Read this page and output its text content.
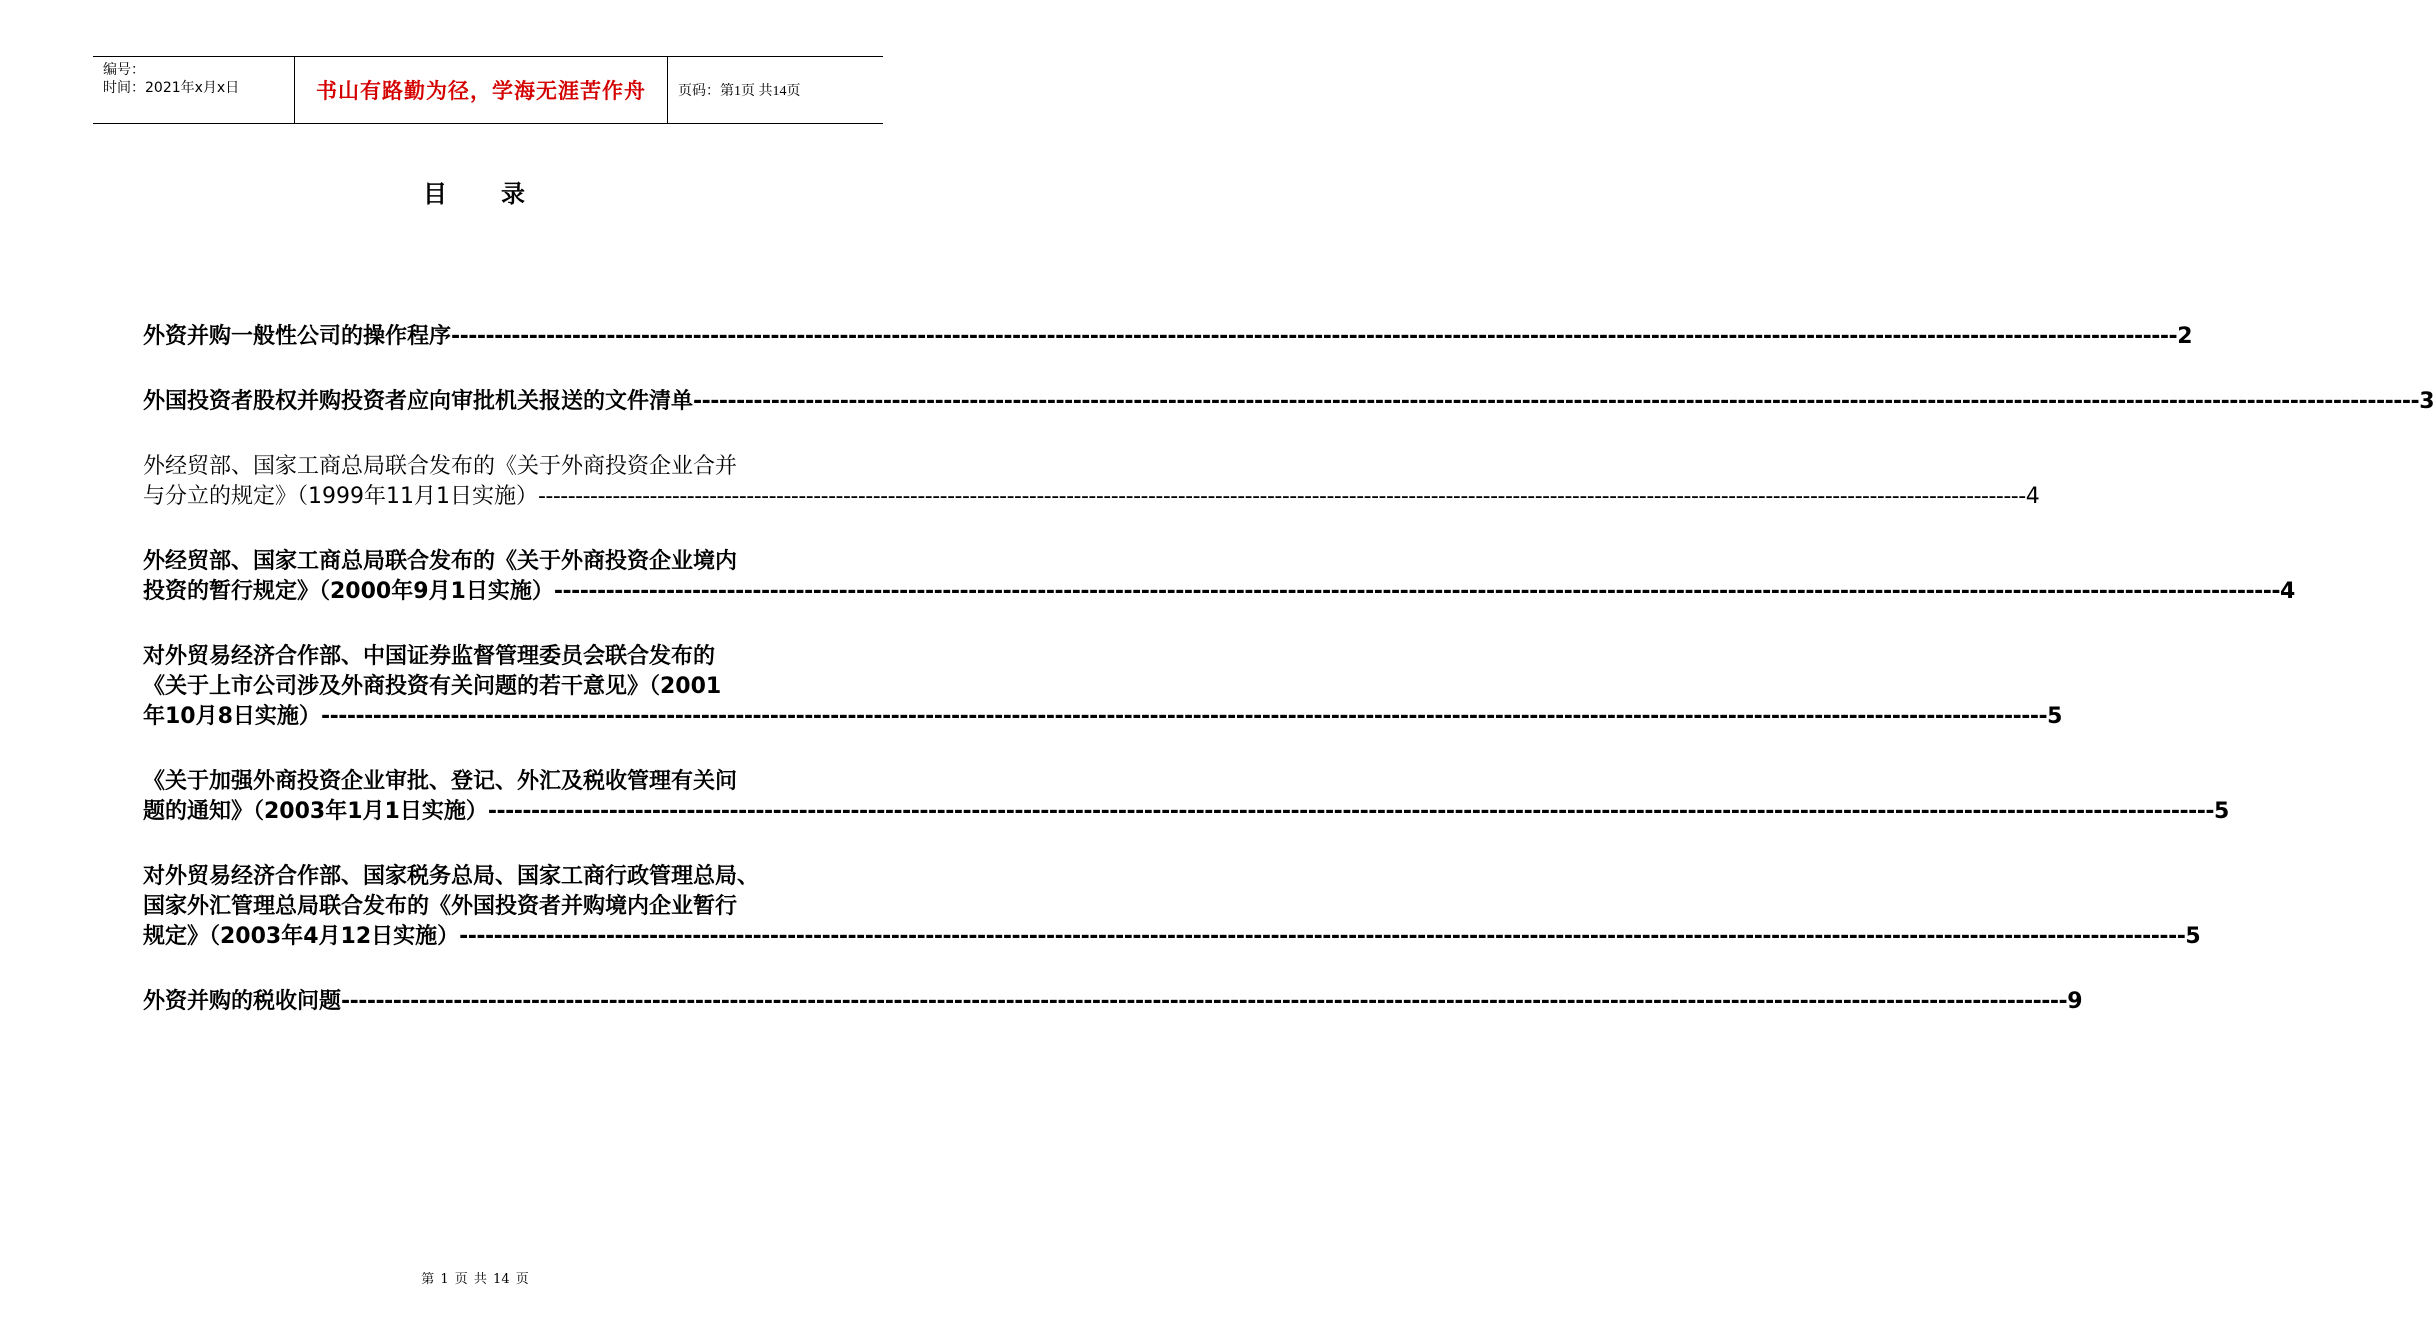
编号：
时间：2021年x月x日	书山有路勤为径，学海无涯苦作舟	页码：第1页 共14页
目 录
外资并购一般性公司的操作程序 -------------------------------------------------------------------------------------------------------------------------------------------------------------------------------------------------------- 2
外国投资者股权并购投资者应向审批机关报送的文件清单 -------------------------------------------------------------------------------------------------------------------------------------------------------------------------------------------------------- 3
外经贸部、国家工商总局联合发布的《关于外商投资企业合并
与分立的规定》（1999年11月1日实施） -------------------------------------------------------------------------------------------------------------------------------------------------------------------------------------------------------- 4
外经贸部、国家工商总局联合发布的《关于外商投资企业境内
投资的暂行规定》（2000年9月1日实施） -------------------------------------------------------------------------------------------------------------------------------------------------------------------------------------------------------- 4
对外贸易经济合作部、中国证券监督管理委员会联合发布的
《关于上市公司涉及外商投资有关问题的若干意见》（2001
年10月8日实施） -------------------------------------------------------------------------------------------------------------------------------------------------------------------------------------------------------- 5
《关于加强外商投资企业审批、登记、外汇及税收管理有关问
题的通知》（2003年1月1日实施） -------------------------------------------------------------------------------------------------------------------------------------------------------------------------------------------------------- 5
对外贸易经济合作部、国家税务总局、国家工商行政管理总局、
国家外汇管理总局联合发布的《外国投资者并购境内企业暂行
规定》（2003年4月12日实施） -------------------------------------------------------------------------------------------------------------------------------------------------------------------------------------------------------- 5
外资并购的税收问题 -------------------------------------------------------------------------------------------------------------------------------------------------------------------------------------------------------- 9
第 1 页 共 14 页
